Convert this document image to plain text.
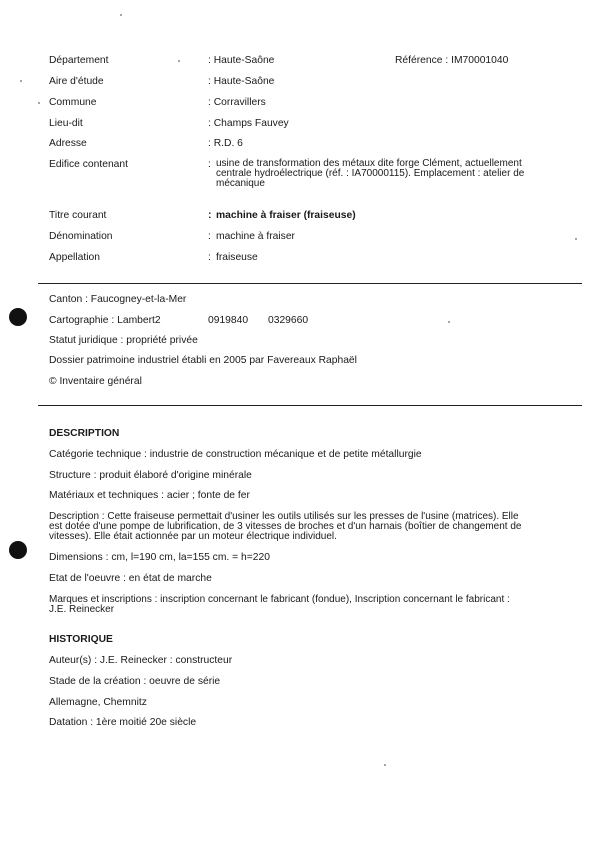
Département	: Haute-Saône	Référence : IM70001040
Aire d'étude	: Haute-Saône
Commune	: Corravillers
Lieu-dit	: Champs Fauvey
Adresse	: R.D. 6
Edifice contenant	: usine de transformation des métaux dite forge Clément, actuellement centrale hydroélectrique (réf. : IA70000115). Emplacement : atelier de mécanique
Titre courant	: machine à fraiser (fraiseuse)
Dénomination	: machine à fraiser
Appellation	: fraiseuse
Canton : Faucogney-et-la-Mer
Cartographie : Lambert2	0919840 0329660
Statut juridique : propriété privée
Dossier patrimoine industriel établi en 2005 par Favereaux Raphaël
© Inventaire général
DESCRIPTION
Catégorie technique : industrie de construction mécanique et de petite métallurgie
Structure : produit élaboré d'origine minérale
Matériaux et techniques : acier ; fonte de fer
Description : Cette fraiseuse permettait d'usiner les outils utilisés sur les presses de l'usine (matrices). Elle
est dotée d'une pompe de lubrification, de 3 vitesses de broches et d'un harnais (boîtier de changement de
vitesses). Elle était actionnée par un moteur électrique individuel.
Dimensions : cm, l=190 cm, la=155 cm. = h=220
Etat de l'oeuvre : en état de marche
Marques et inscriptions : inscription concernant le fabricant (fondue), Inscription concernant le fabricant :
J.E. Reinecker
HISTORIQUE
Auteur(s) : J.E. Reinecker : constructeur
Stade de la création : oeuvre de série
Allemagne, Chemnitz
Datation : 1ère moitié 20e siècle
